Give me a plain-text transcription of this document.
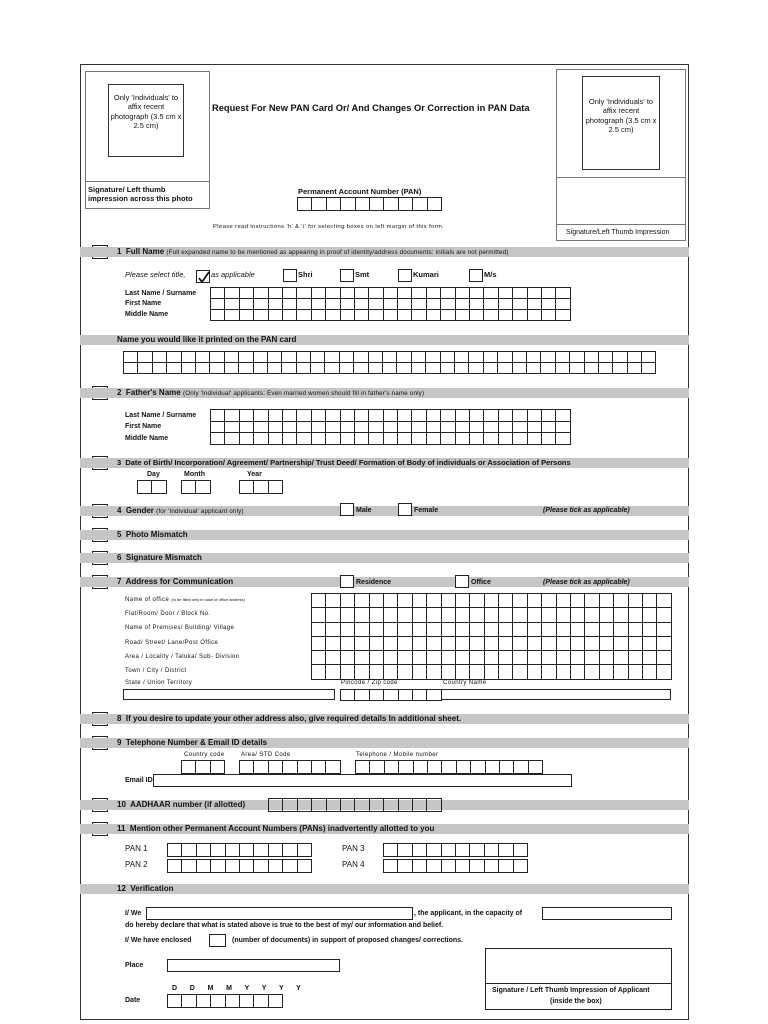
Only 'Individuals' to affix recent photograph (3.5 cm x 2.5 cm)
Signature/ Left thumb impression across this photo
Request For New PAN Card Or/ And Changes Or Correction in PAN Data
Permanent Account Number (PAN)
Please read instructions 'h' & 'i' for selecting boxes on left margin of this form.
Only 'Individuals' to affix recent photograph (3.5 cm x 2.5 cm)
Signature/Left Thumb Impression
1 Full Name (Full expanded name to be mentioned as appearing in proof of identity/address documents: initials are not permitted)
Please select title,	as applicable	Shri	Smt	Kumari	M/s
Last Name / Surname
First Name
Middle Name
Name you would like it printed on the PAN card
2 Father's Name (Only 'Individual' applicants: Even married women should fill in father's name only)
Last Name / Surname
First Name
Middle Name
3 Date of Birth/ Incorporation/ Agreement/ Partnership/ Trust Deed/ Formation of Body of individuals or Association of Persons
Day	Month	Year
4 Gender (for 'Individual' applicant only)	Male	Female	(Please tick as applicable)
5 Photo Mismatch
6 Signature Mismatch
7 Address for Communication	Residence	Office	(Please tick as applicable)
Name of office (to be filled only in case of office address)
Flat/Room/ Door / Block No.
Name of Premises/ Building/ Village
Road/ Street/ Lane/Post Office
Area / Locality / Taluka/ Sub- Division
Town / City / District
State / Union Territory	Pincode / Zip code	Country Name
8 If you desire to update your other address also, give required details In additional sheet.
9 Telephone Number & Email ID details
Country code	Area/ STD Code	Telephone / Mobile number
Email ID
10 AADHAAR number (if allotted)
11 Mention other Permanent Account Numbers (PANs) inadvertently allotted to you
PAN 1
PAN 2
PAN 3
PAN 4
12 Verification
I/ We	, the applicant, in the capacity of
do hereby declare that what is stated above is true to the best of my/ our information and belief.
I/ We have enclosed	(number of documents) in support of proposed changes/ corrections.
Place
D D M M Y Y Y Y
Date
Signature / Left Thumb Impression of Applicant
(inside the box)
